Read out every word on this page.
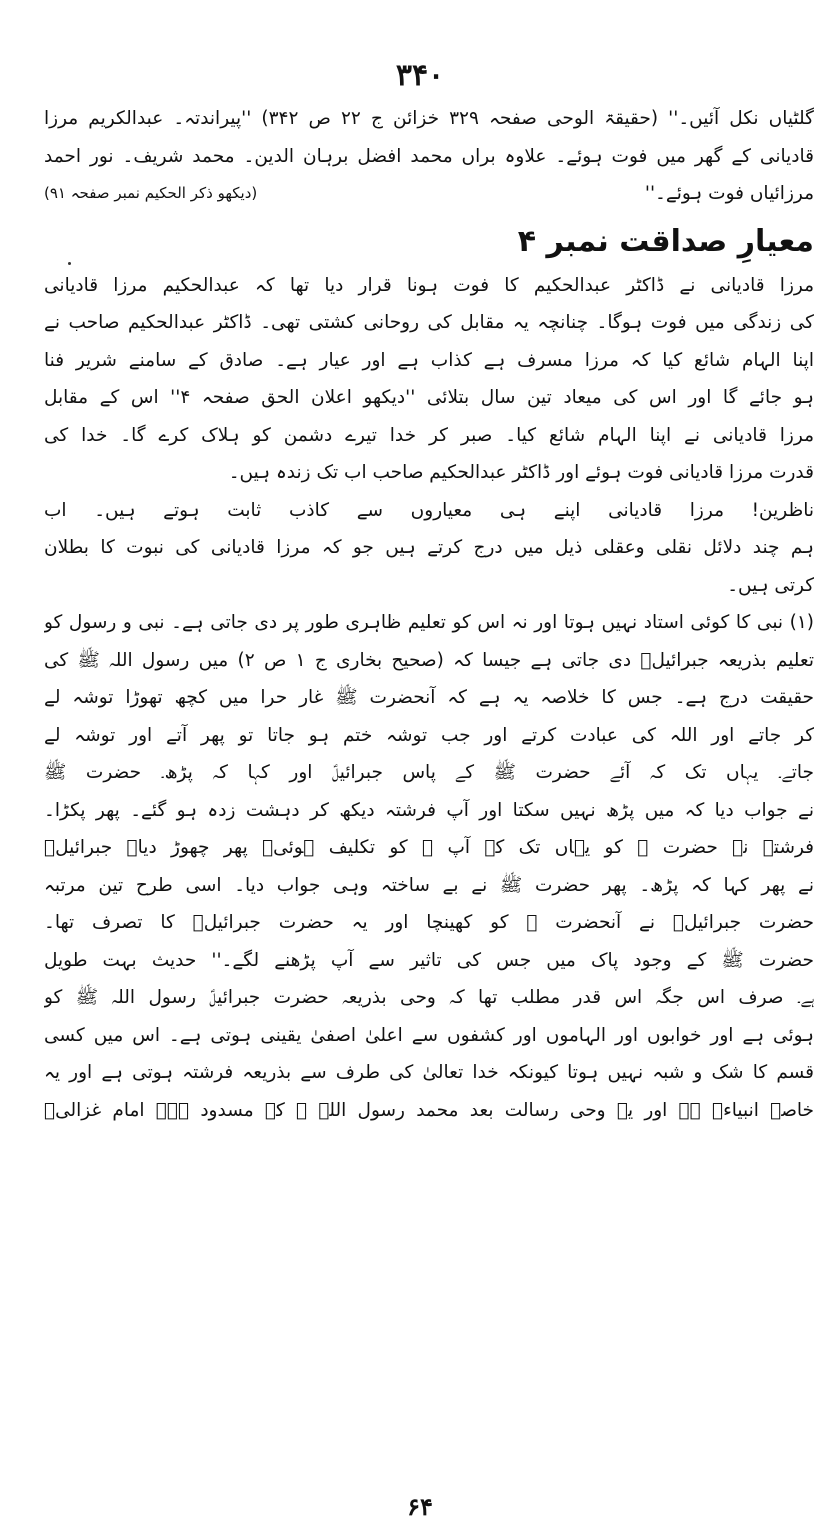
۳۴۰

گلٹیاں نکل آئیں۔'' (حقیقۃ الوحی صفحہ ۳۲۹ خزائن ج ۲۲ ص ۳۴۲) ''پیراندتہ۔ عبدالکریم مرزا
قادیانی کے گھر میں فوت ہوئے۔ علاوہ براں محمد افضل برہان الدین۔ محمد شریف۔ نور احمد
مرزائیاں فوت ہوئے۔''
(دیکھو ذکر الحکیم نمبر صفحہ ۹۱)

معیارِ صداقت نمبر ۴

مرزا قادیانی نے ڈاکٹر عبدالحکیم کا فوت ہونا قرار دیا تھا کہ عبدالحکیم مرزا قادیانی
کی زندگی میں فوت ہوگا۔ چنانچہ یہ مقابل کی روحانی کشتی تھی۔ ڈاکٹر عبدالحکیم صاحب نے
اپنا الہام شائع کیا کہ مرزا مسرف ہے کذاب ہے اور عیار ہے۔ صادق کے سامنے شریر فنا
ہو جائے گا اور اس کی میعاد تین سال بتلائی ''دیکھو اعلان الحق صفحہ ۴'' اس کے مقابل
مرزا قادیانی نے اپنا الہام شائع کیا۔ صبر کر خدا تیرے دشمن کو ہلاک کرے گا۔ خدا کی
قدرت مرزا قادیانی فوت ہوئے اور ڈاکٹر عبدالحکیم صاحب اب تک زندہ ہیں۔

ناظرین! مرزا قادیانی اپنے ہی معیاروں سے کاذب ثابت ہوتے ہیں۔ اب
ہم چند دلائل نقلی وعقلی ذیل میں درج کرتے ہیں جو کہ مرزا قادیانی کی نبوت کا بطلان
کرتی ہیں۔

(۱) نبی کا کوئی استاد نہیں ہوتا اور نہ اس کو تعلیم ظاہری طور پر دی جاتی ہے۔ نبی و رسول کو
تعلیم بذریعہ جبرائیلؑ دی جاتی ہے جیسا کہ (صحیح بخاری ج ۱ ص ۲) میں رسول اللہ ﷺ کی
حقیقت درج ہے۔ جس کا خلاصہ یہ ہے کہ آنحضرت ﷺ غار حرا میں کچھ تھوڑا توشہ لے
کر جاتے اور اللہ کی عبادت کرتے اور جب توشہ ختم ہو جاتا تو پھر آتے اور توشہ لے
جاتے۔ یہاں تک کہ آئے حضرت ﷺ کے پاس جبرائیلؑ اور کہا کہ پڑھ۔ حضرت ﷺ
نے جواب دیا کہ میں پڑھ نہیں سکتا اور آپ فرشتہ دیکھ کر دہشت زدہ ہو گئے۔ پھر پکڑا۔
فرشتے نے حضرت ﷺ کو یہاں تک کہ آپ ﷺ کو تکلیف ہوئی۔ پھر چھوڑ دیا۔ جبرائیلؑ
نے پھر کہا کہ پڑھ۔ پھر حضرت ﷺ نے بے ساختہ وہی جواب دیا۔ اسی طرح تین مرتبہ
حضرت جبرائیلؑ نے آنحضرت ﷺ کو کھینچا اور یہ حضرت جبرائیلؑ کا تصرف تھا۔
حضرت ﷺ کے وجود پاک میں جس کی تاثیر سے آپ پڑھنے لگے۔'' حدیث بہت طویل
ہے۔ صرف اس جگہ اس قدر مطلب تھا کہ وحی بذریعہ حضرت جبرائیلؑ رسول اللہ ﷺ کو
ہوئی ہے اور خوابوں اور الہاموں اور کشفوں سے اعلیٰ اصفیٰ یقینی ہوتی ہے۔ اس میں کسی
قسم کا شک و شبہ نہیں ہوتا کیونکہ خدا تعالیٰ کی طرف سے بذریعہ فرشتہ ہوتی ہے اور یہ
خاصہ انبیاءؑ ہے اور یہ وحی رسالت بعد محمد رسول اللہ ﷺ کے مسدود ہے۔ امام غزالیؒ

۶۴
